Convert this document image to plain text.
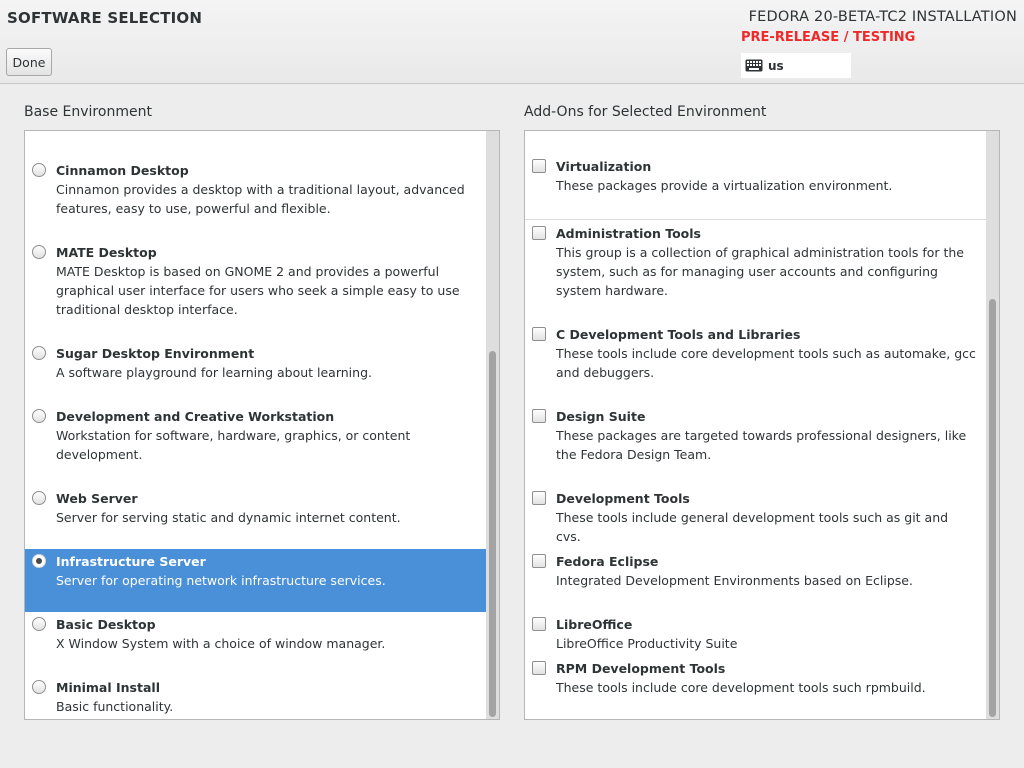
SOFTWARE SELECTION
Done
FEDORA 20-BETA-TC2 INSTALLATION
PRE-RELEASE / TESTING
us
Base Environment	Add-Ons for Selected Environment
Cinnamon Desktop
Cinnamon provides a desktop with a traditional layout, advanced features, easy to use, powerful and flexible.
MATE Desktop
MATE Desktop is based on GNOME 2 and provides a powerful graphical user interface for users who seek a simple easy to use traditional desktop interface.
Sugar Desktop Environment
A software playground for learning about learning.
Development and Creative Workstation
Workstation for software, hardware, graphics, or content development.
Web Server
Server for serving static and dynamic internet content.
Infrastructure Server
Server for operating network infrastructure services.
Basic Desktop
X Window System with a choice of window manager.
Minimal Install
Basic functionality.
Virtualization
These packages provide a virtualization environment.
Administration Tools
This group is a collection of graphical administration tools for the system, such as for managing user accounts and configuring system hardware.
C Development Tools and Libraries
These tools include core development tools such as automake, gcc and debuggers.
Design Suite
These packages are targeted towards professional designers, like the Fedora Design Team.
Development Tools
These tools include general development tools such as git and cvs.
Fedora Eclipse
Integrated Development Environments based on Eclipse.
LibreOffice
LibreOffice Productivity Suite
RPM Development Tools
These tools include core development tools such rpmbuild.
